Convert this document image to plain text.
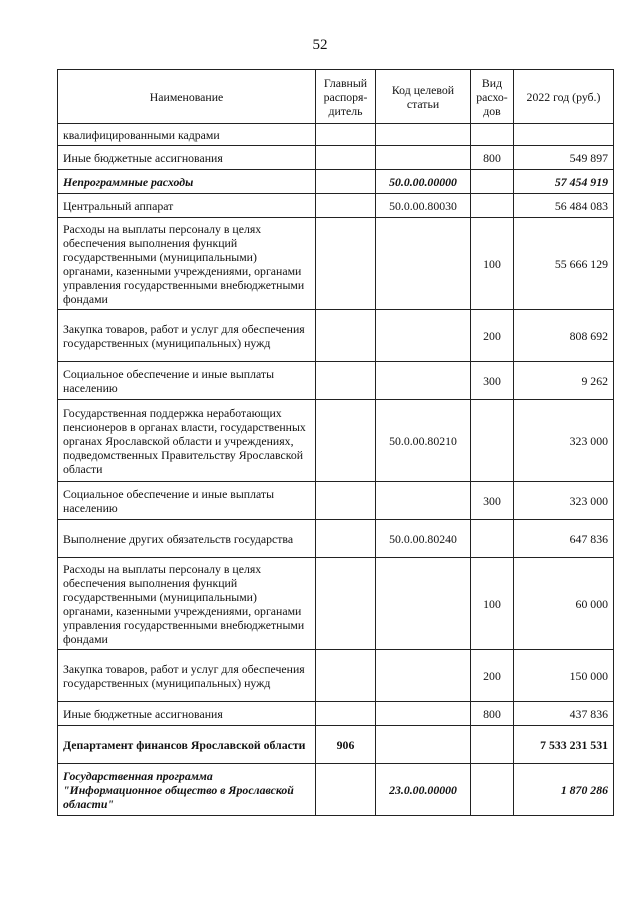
52
Наименование	Главный распоря-дитель	Код целевой статьи	Вид расхо-дов	2022 год (руб.)
квалифицированными кадрами				
Иные бюджетные ассигнования			800	549 897
Непрограммные расходы		50.0.00.00000		57 454 919
Центральный аппарат		50.0.00.80030		56 484 083
Расходы на выплаты персоналу в целях обеспечения выполнения функций государственными (муниципальными) органами, казенными учреждениями, органами управления государственными внебюджетными фондами			100	55 666 129
Закупка товаров, работ и услуг для обеспечения государственных (муниципальных) нужд			200	808 692
Социальное обеспечение и иные выплаты населению			300	9 262
Государственная поддержка неработающих пенсионеров в органах власти, государственных органах Ярославской области и учреждениях, подведомственных Правительству Ярославской области		50.0.00.80210		323 000
Социальное обеспечение и иные выплаты населению			300	323 000
Выполнение других обязательств государства		50.0.00.80240		647 836
Расходы на выплаты персоналу в целях обеспечения выполнения функций государственными (муниципальными) органами, казенными учреждениями, органами управления государственными внебюджетными фондами			100	60 000
Закупка товаров, работ и услуг для обеспечения государственных (муниципальных) нужд			200	150 000
Иные бюджетные ассигнования			800	437 836
Департамент финансов Ярославской области	906			7 533 231 531
Государственная программа "Информационное общество в Ярославской области"		23.0.00.00000		1 870 286
